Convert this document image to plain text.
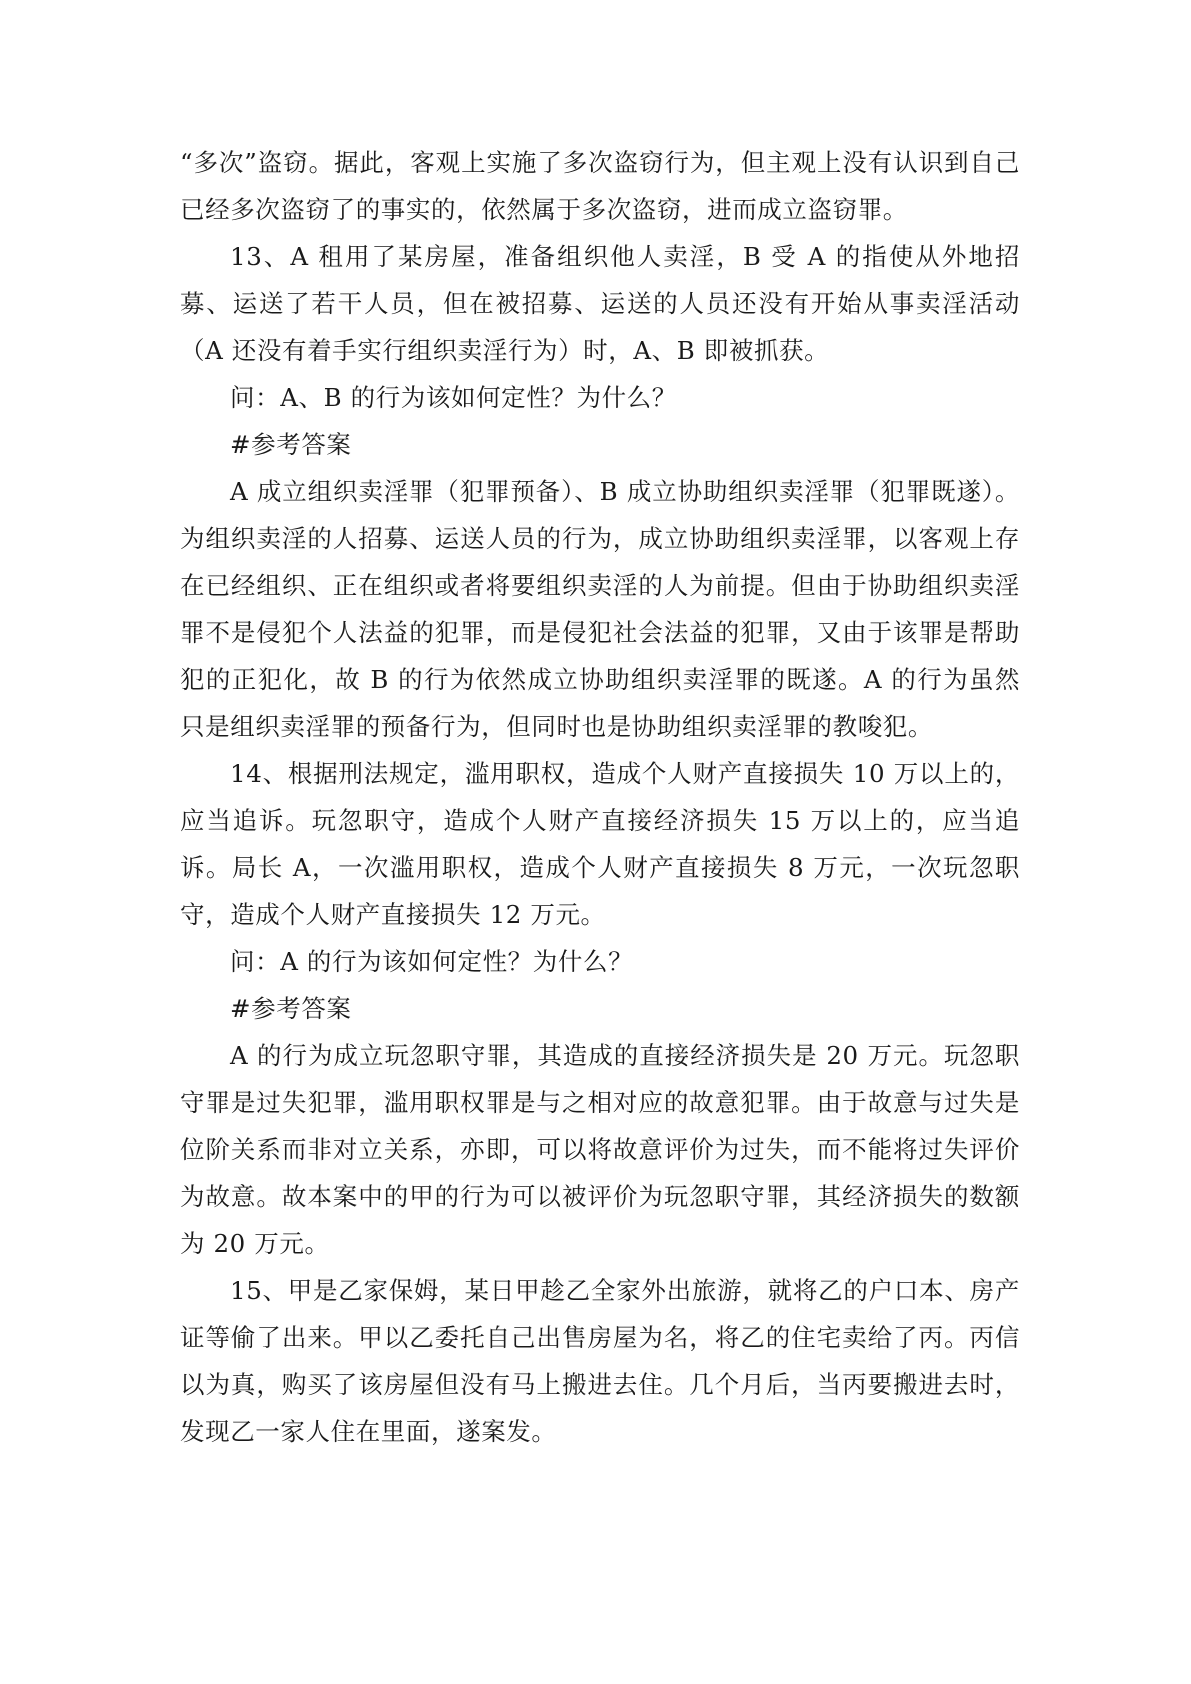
“多次”盗窃。据此，客观上实施了多次盗窃行为，但主观上没有认识到自己已经多次盗窃了的事实的，依然属于多次盗窃，进而成立盗窃罪。

13、A 租用了某房屋，准备组织他人卖淫，B 受 A 的指使从外地招募、运送了若干人员，但在被招募、运送的人员还没有开始从事卖淫活动（A 还没有着手实行组织卖淫行为）时，A、B 即被抓获。

问：A、B 的行为该如何定性？为什么？

#参考答案

A 成立组织卖淫罪（犯罪预备）、B 成立协助组织卖淫罪（犯罪既遂）。为组织卖淫的人招募、运送人员的行为，成立协助组织卖淫罪，以客观上存在已经组织、正在组织或者将要组织卖淫的人为前提。但由于协助组织卖淫罪不是侵犯个人法益的犯罪，而是侵犯社会法益的犯罪，又由于该罪是帮助犯的正犯化，故 B 的行为依然成立协助组织卖淫罪的既遂。A 的行为虽然只是组织卖淫罪的预备行为，但同时也是协助组织卖淫罪的教唆犯。

14、根据刑法规定，滥用职权，造成个人财产直接损失 10 万以上的，应当追诉。玩忽职守，造成个人财产直接经济损失 15 万以上的，应当追诉。局长 A，一次滥用职权，造成个人财产直接损失 8 万元，一次玩忽职守，造成个人财产直接损失 12 万元。

问：A 的行为该如何定性？为什么？

#参考答案

A 的行为成立玩忽职守罪，其造成的直接经济损失是 20 万元。玩忽职守罪是过失犯罪，滥用职权罪是与之相对应的故意犯罪。由于故意与过失是位阶关系而非对立关系，亦即，可以将故意评价为过失，而不能将过失评价为故意。故本案中的甲的行为可以被评价为玩忽职守罪，其经济损失的数额为 20 万元。

15、甲是乙家保姆，某日甲趁乙全家外出旅游，就将乙的户口本、房产证等偷了出来。甲以乙委托自己出售房屋为名，将乙的住宅卖给了丙。丙信以为真，购买了该房屋但没有马上搬进去住。几个月后，当丙要搬进去时，发现乙一家人住在里面，遂案发。
